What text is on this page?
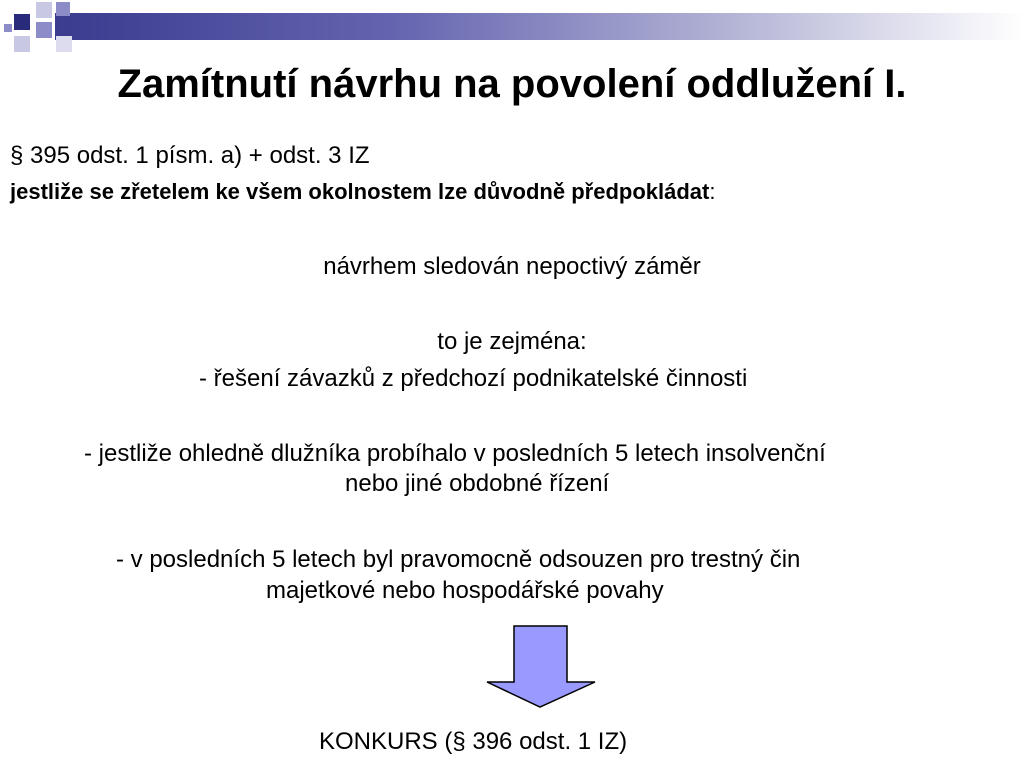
Zamítnutí návrhu na povolení oddlužení I.
§ 395 odst. 1 písm. a) + odst. 3 IZ
jestliže se zřetelem ke všem okolnostem lze důvodně předpokládat:
návrhem sledován nepoctivý záměr
to je zejména:
- řešení závazků z předchozí podnikatelské činnosti
- jestliže ohledně dlužníka probíhalo v posledních 5 letech insolvenční
nebo jiné obdobné řízení
- v posledních 5 letech byl pravomocně odsouzen pro trestný čin
majetkové nebo hospodářské povahy
KONKURS (§ 396 odst. 1 IZ)
